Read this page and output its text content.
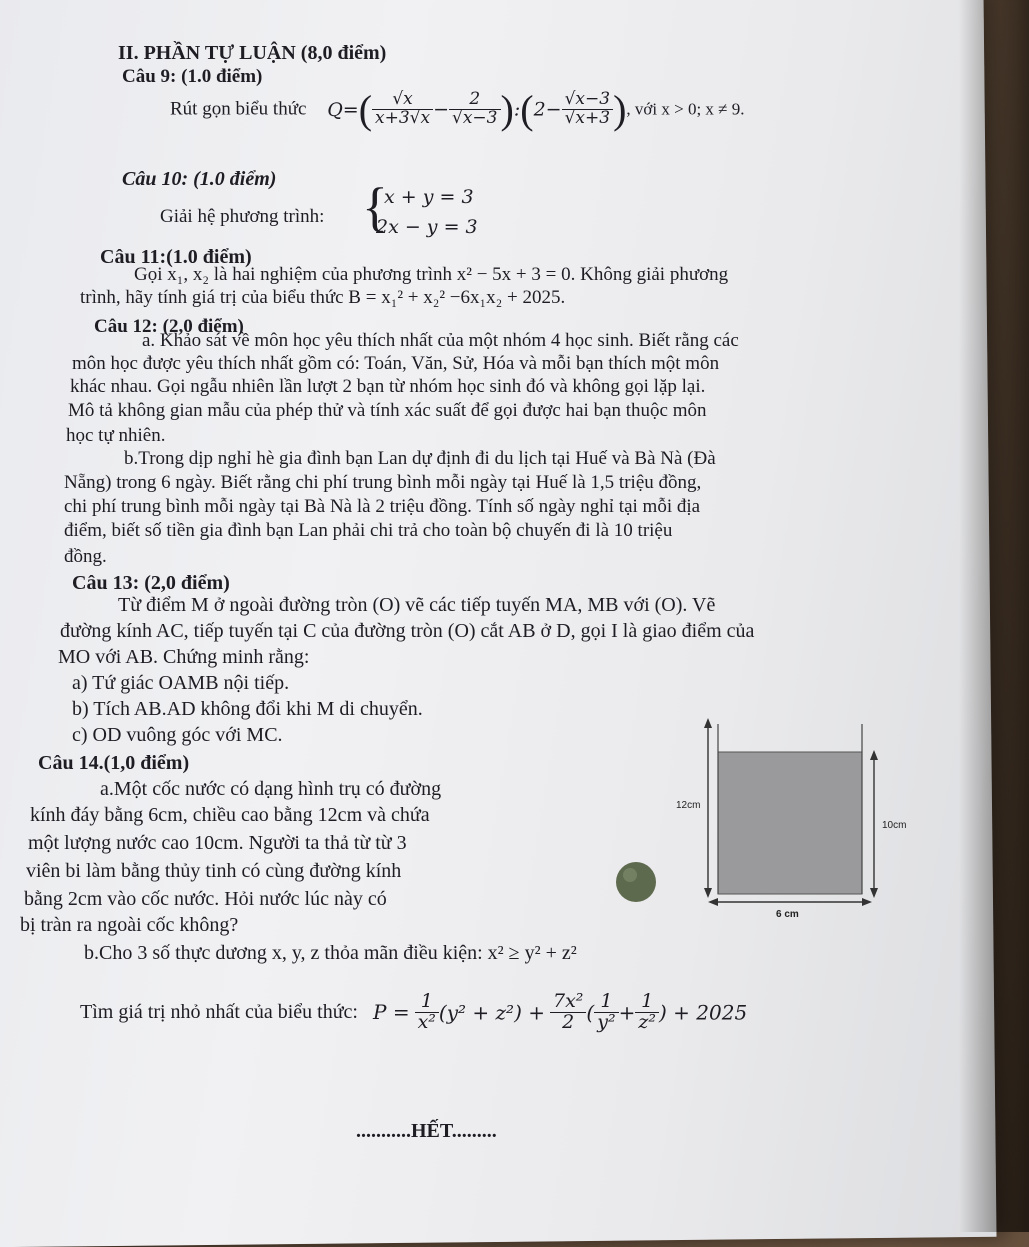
II. PHẦN TỰ LUẬN (8,0 điểm)
Câu 9: (1.0 điểm)
Rút gọn biểu thức $Q=( \frac{√x}{x+3√x} - \frac{2}{√x-3}$ ):(2− $\frac{√x-3}{√x+3}$ ), với x > 0; x ≠ 9.
Câu 10: (1.0 điểm)
Giải hệ phương trình: {
x + y = 3
2x − y = 3
Câu 11:(1.0 điểm)
Gọi x₁, x₂ là hai nghiệm của phương trình x² − 5x + 3 = 0. Không giải phương
trình, hãy tính giá trị của biểu thức B = x₁² + x₂² −6x₁x₂ + 2025.
Câu 12: (2,0 điểm)
a. Khảo sát về môn học yêu thích nhất của một nhóm 4 học sinh. Biết rằng các
môn học được yêu thích nhất gồm có: Toán, Văn, Sử, Hóa và mỗi bạn thích một môn
khác nhau. Gọi ngẫu nhiên lần lượt 2 bạn từ nhóm học sinh đó và không gọi lặp lại.
Mô tả không gian mẫu của phép thử và tính xác suất để gọi được hai bạn thuộc môn
học tự nhiên.
b.Trong dịp nghỉ hè gia đình bạn Lan dự định đi du lịch tại Huế và Bà Nà (Đà
Nẵng) trong 6 ngày. Biết rằng chi phí trung bình mỗi ngày tại Huế là 1,5 triệu đồng,
chi phí trung bình mỗi ngày tại Bà Nà là 2 triệu đồng. Tính số ngày nghỉ tại mỗi địa
điểm, biết số tiền gia đình bạn Lan phải chi trả cho toàn bộ chuyến đi là 10 triệu
đồng.
Câu 13: (2,0 điểm)
Từ điểm M ở ngoài đường tròn (O) vẽ các tiếp tuyến MA, MB với (O). Vẽ
đường kính AC, tiếp tuyến tại C của đường tròn (O) cắt AB ở D, gọi I là giao điểm của
MO với AB. Chứng minh rằng:
a) Tứ giác OAMB nội tiếp.
b) Tích AB.AD không đổi khi M di chuyển.
c) OD vuông góc với MC.
Câu 14.(1,0 điểm)
a.Một cốc nước có dạng hình trụ có đường
kính đáy bằng 6cm, chiều cao bằng 12cm và chứa
một lượng nước cao 10cm. Người ta thả từ từ 3
viên bi làm bằng thủy tinh có cùng đường kính
bằng 2cm vào cốc nước. Hỏi nước lúc này có
bị tràn ra ngoài cốc không?
b.Cho 3 số thực dương x, y, z thỏa mãn điều kiện: x² ≥ y² + z²
Tìm giá trị nhỏ nhất của biểu thức: $P = \frac{1}{\text{x²}} (y^2 + z^2) + \frac{\text{7x²}}{2}$ ( $\frac{1}{\text{y²}} + \frac{1}{\text{z²}}$ ) + 2025
...........HẾT.........
12cm
10cm
6 cm
